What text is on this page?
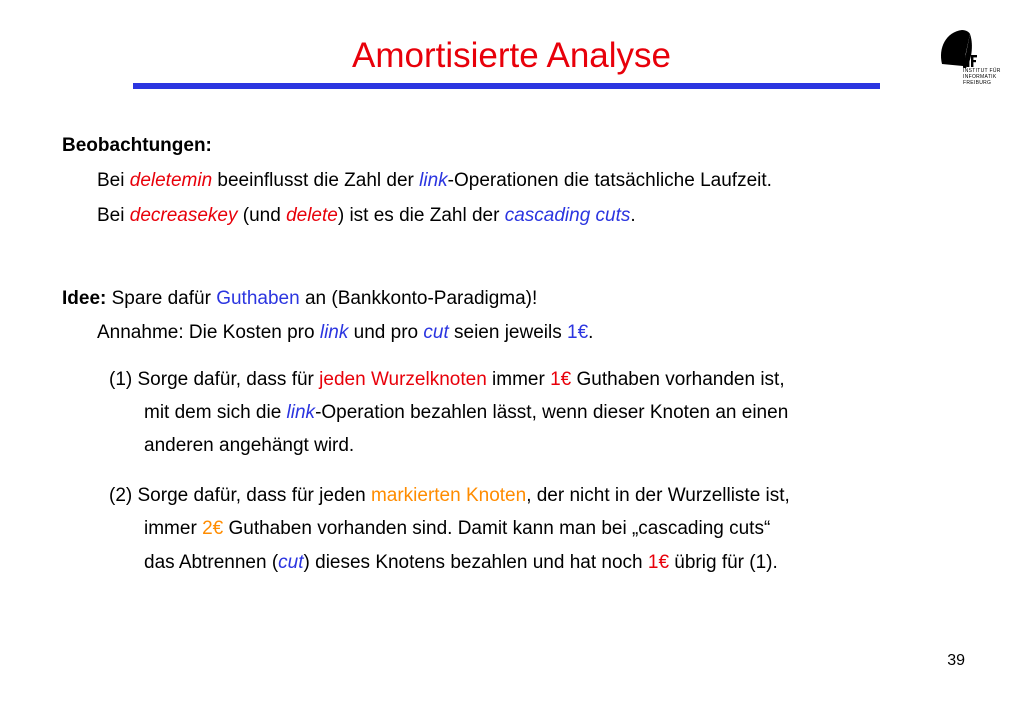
Amortisierte Analyse	INSTITUT FÜR
INFORMATIK
FREIBURG
Beobachtungen:
Bei deletemin beeinflusst die Zahl der link-Operationen die tatsächliche Laufzeit.
Bei decreasekey (und delete) ist es die Zahl der cascading cuts.
Idee: Spare dafür Guthaben an (Bankkonto-Paradigma)!
Annahme: Die Kosten pro link und pro cut seien jeweils 1€.
(1) Sorge dafür, dass für jeden Wurzelknoten immer 1€ Guthaben vorhanden ist,
mit dem sich die link-Operation bezahlen lässt, wenn dieser Knoten an einen
anderen angehängt wird.
(2) Sorge dafür, dass für jeden markierten Knoten, der nicht in der Wurzelliste ist,
immer 2€ Guthaben vorhanden sind. Damit kann man bei „cascading cuts“
das Abtrennen (cut) dieses Knotens bezahlen und hat noch 1€ übrig für (1).
39
